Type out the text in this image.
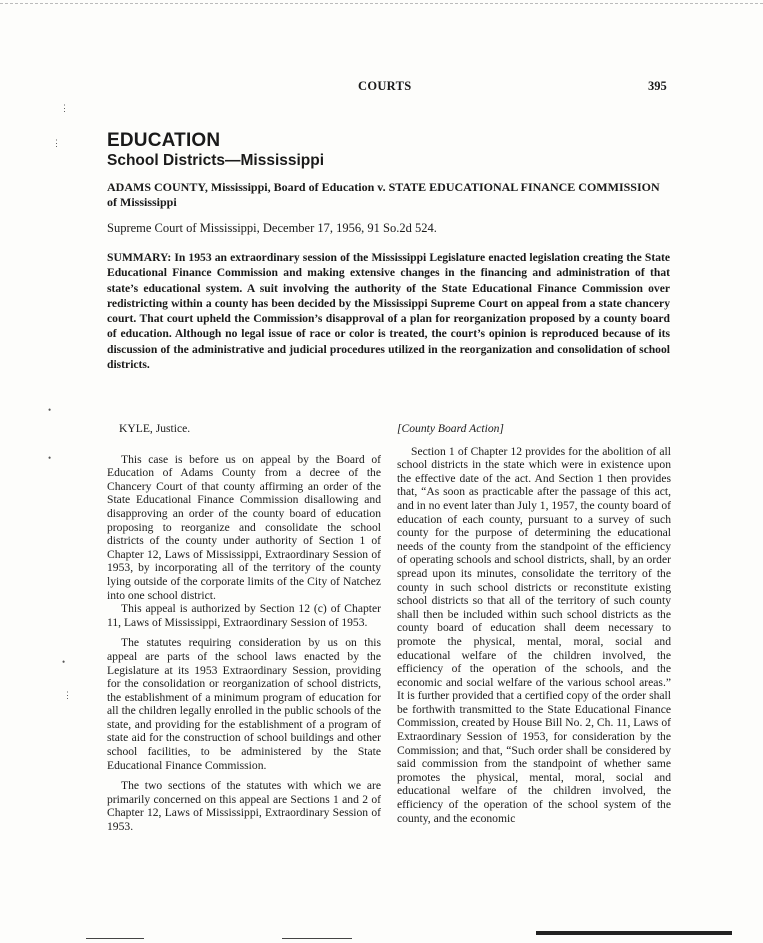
COURTS	395
⋮
⋮
•
•
•
⋮
EDUCATION
School Districts—Mississippi
ADAMS COUNTY, Mississippi, Board of Education v. STATE EDUCATIONAL FINANCE COMMISSION of Mississippi
Supreme Court of Mississippi, December 17, 1956, 91 So.2d 524.
SUMMARY: In 1953 an extraordinary session of the Mississippi Legislature enacted legislation creating the State Educational Finance Commission and making extensive changes in the financing and administration of that state’s educational system. A suit involving the authority of the State Educational Finance Commission over redistricting within a county has been decided by the Mississippi Supreme Court on appeal from a state chancery court. That court upheld the Commission’s disapproval of a plan for reorganization proposed by a county board of education. Although no legal issue of race or color is treated, the court’s opinion is reproduced because of its discussion of the administrative and judicial procedures utilized in the reorganization and consolidation of school districts.

KYLE, Justice.

This case is before us on appeal by the Board of Education of Adams County from a decree of the Chancery Court of that county affirming an order of the State Educational Finance Commission disallowing and disapproving an order of the county board of education proposing to reorganize and consolidate the school districts of the county under authority of Section 1 of Chapter 12, Laws of Mississippi, Extraordinary Session of 1953, by incorporating all of the territory of the county lying outside of the corporate limits of the City of Natchez into one school district.

This appeal is authorized by Section 12 (c) of Chapter 11, Laws of Mississippi, Extraordinary Session of 1953.

The statutes requiring consideration by us on this appeal are parts of the school laws enacted by the Legislature at its 1953 Extraordinary Session, providing for the consolidation or reorganization of school districts, the establishment of a minimum program of education for all the children legally enrolled in the public schools of the state, and providing for the establishment of a program of state aid for the construction of school buildings and other school facilities, to be administered by the State Educational Finance Commission.

The two sections of the statutes with which we are primarily concerned on this appeal are Sections 1 and 2 of Chapter 12, Laws of Mississippi, Extraordinary Session of 1953.

[County Board Action]

Section 1 of Chapter 12 provides for the abolition of all school districts in the state which were in existence upon the effective date of the act. And Section 1 then provides that, “As soon as practicable after the passage of this act, and in no event later than July 1, 1957, the county board of education of each county, pursuant to a survey of such county for the purpose of determining the educational needs of the county from the standpoint of the efficiency of operating schools and school districts, shall, by an order spread upon its minutes, consolidate the territory of the county in such school districts or reconstitute existing school districts so that all of the territory of such county shall then be included within such school districts as the county board of education shall deem necessary to promote the physical, mental, moral, social and educational welfare of the children involved, the efficiency of the operation of the schools, and the economic and social welfare of the various school areas.” It is further provided that a certified copy of the order shall be forthwith transmitted to the State Educational Finance Commission, created by House Bill No. 2, Ch. 11, Laws of Extraordinary Session of 1953, for consideration by the Commission; and that, “Such order shall be considered by said commission from the standpoint of whether same promotes the physical, mental, moral, social and educational welfare of the children involved, the efficiency of the operation of the school system of the county, and the economic
